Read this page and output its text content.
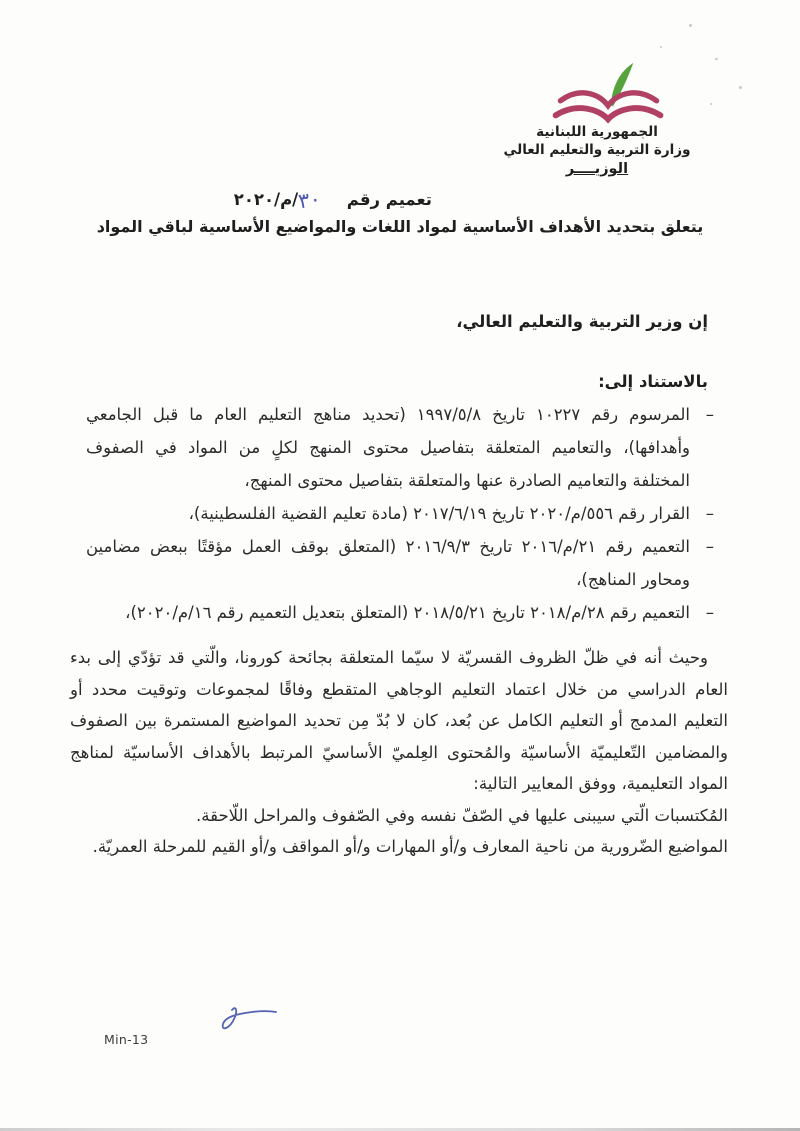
الجمهورية اللبنانية
وزارة التربية والتعليم العالي
الوزيــــر
تعميم رقم٣٠/م/٢٠٢٠
يتعلق بتحديد الأهداف الأساسية لمواد اللغات والمواضيع الأساسية لباقي المواد
إن وزير التربية والتعليم العالي،
بالاستناد إلى:
–
المرسوم رقم ١٠٢٢٧ تاريخ ١٩٩٧/٥/٨ (تحديد مناهج التعليم العام ما قبل الجامعي وأهدافها)، والتعاميم المتعلقة بتفاصيل محتوى المنهج لكلٍ من المواد في الصفوف المختلفة والتعاميم الصادرة عنها والمتعلقة بتفاصيل محتوى المنهج،
–
القرار رقم ٥٥٦/م/٢٠٢٠ تاريخ ٢٠١٧/٦/١٩ (مادة تعليم القضية الفلسطينية)،
–
التعميم رقم ٢١/م/٢٠١٦ تاريخ ٢٠١٦/٩/٣ (المتعلق بوقف العمل مؤقتًا ببعض مضامين ومحاور المناهج)،
–
التعميم رقم ٢٨/م/٢٠١٨ تاريخ ٢٠١٨/٥/٢١ (المتعلق بتعديل التعميم رقم ١٦/م/٢٠٢٠)،
وحيث أنه في ظلّ الظروف القسريّة لا سيّما المتعلقة بجائحة كورونا، والّتي قد تؤدّي إلى بدء العام الدراسي من خلال اعتماد التعليم الوجاهي المتقطع وفاقًا لمجموعات وتوقيت محدد أو التعليم المدمج أو التعليم الكامل عن بُعد، كان لا بُدّ مِن تحديد المواضيع المستمرة بين الصفوف والمضامين التّعليميّة الأساسيّة والمُحتوى العِلميّ الأساسيّ المرتبط بالأهداف الأساسيّة لمناهج المواد التعليمية، ووفق المعايير التالية:
المُكتسبات الّتي سيبنى عليها في الصّفّ نفسه وفي الصّفوف والمراحل اللّاحقة.
المواضيع الضّرورية من ناحية المعارف و/أو المهارات و/أو المواقف و/أو القيم للمرحلة العمريّة.
Min-13
